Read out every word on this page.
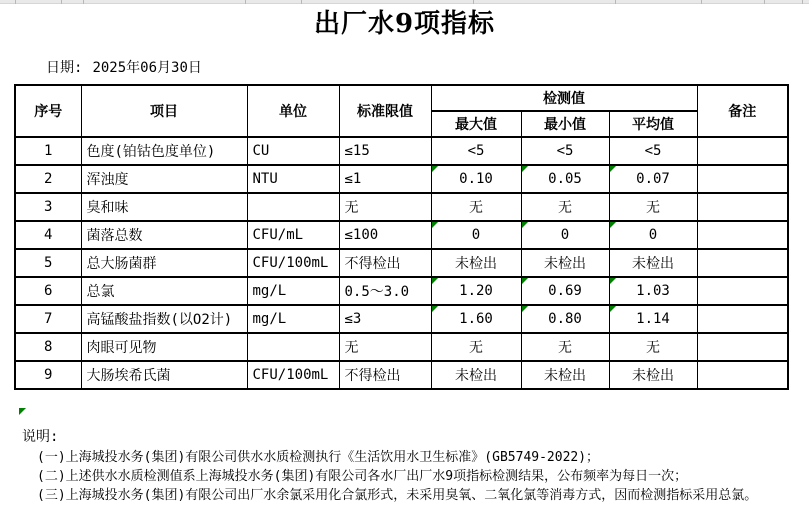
出厂水9项指标
日期: 2025年06月30日
序号	项目	单位	标准限值	检测值			备注
				最大值	最小值	平均值	
1	色度(铂钴色度单位)	CU	≤15	<5	<5	<5	
2	浑浊度	NTU	≤1	0.10	0.05	0.07	
3	臭和味		无	无	无	无	
4	菌落总数	CFU/mL	≤100	0	0	0	
5	总大肠菌群	CFU/100mL	不得检出	未检出	未检出	未检出	
6	总氯	mg/L	0.5～3.0	1.20	0.69	1.03	
7	高锰酸盐指数(以O2计)	mg/L	≤3	1.60	0.80	1.14	
8	肉眼可见物		无	无	无	无	
9	大肠埃希氏菌	CFU/100mL	不得检出	未检出	未检出	未检出	
说明:
(一)上海城投水务(集团)有限公司供水水质检测执行《生活饮用水卫生标准》(GB5749-2022)；
(二)上述供水水质检测值系上海城投水务(集团)有限公司各水厂出厂水9项指标检测结果，公布频率为每日一次；
(三)上海城投水务(集团)有限公司出厂水余氯采用化合氯形式，未采用臭氧、二氧化氯等消毒方式，因而检测指标采用总氯。
